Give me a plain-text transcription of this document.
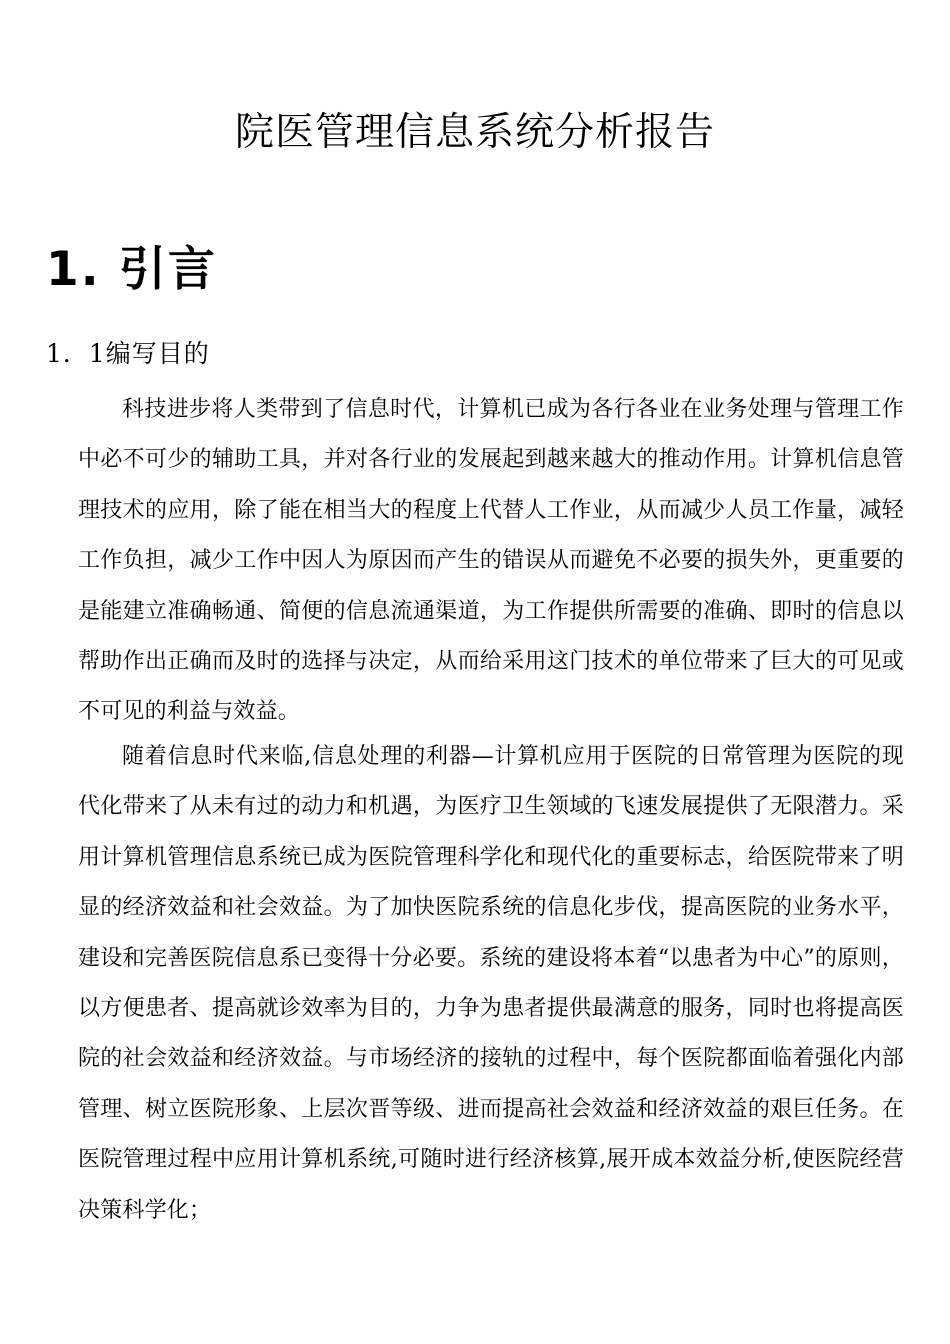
院医管理信息系统分析报告
1. 引言
1．1编写目的

科技进步将人类带到了信息时代，计算机已成为各行各业在业务处理与管理工作中必不可少的辅助工具，并对各行业的发展起到越来越大的推动作用。计算机信息管理技术的应用，除了能在相当大的程度上代替人工作业，从而减少人员工作量，减轻工作负担，减少工作中因人为原因而产生的错误从而避免不必要的损失外，更重要的是能建立准确畅通、简便的信息流通渠道，为工作提供所需要的准确、即时的信息以帮助作出正确而及时的选择与决定，从而给采用这门技术的单位带来了巨大的可见或不可见的利益与效益。

随着信息时代来临,信息处理的利器—计算机应用于医院的日常管理为医院的现代化带来了从未有过的动力和机遇，为医疗卫生领域的飞速发展提供了无限潜力。采用计算机管理信息系统已成为医院管理科学化和现代化的重要标志，给医院带来了明显的经济效益和社会效益。为了加快医院系统的信息化步伐，提高医院的业务水平，建设和完善医院信息系已变得十分必要。系统的建设将本着“以患者为中心”的原则，以方便患者、提高就诊效率为目的，力争为患者提供最满意的服务，同时也将提高医院的社会效益和经济效益。与市场经济的接轨的过程中，每个医院都面临着强化内部管理、树立医院形象、上层次晋等级、进而提高社会效益和经济效益的艰巨任务。在医院管理过程中应用计算机系统,可随时进行经济核算,展开成本效益分析,使医院经营决策科学化；
